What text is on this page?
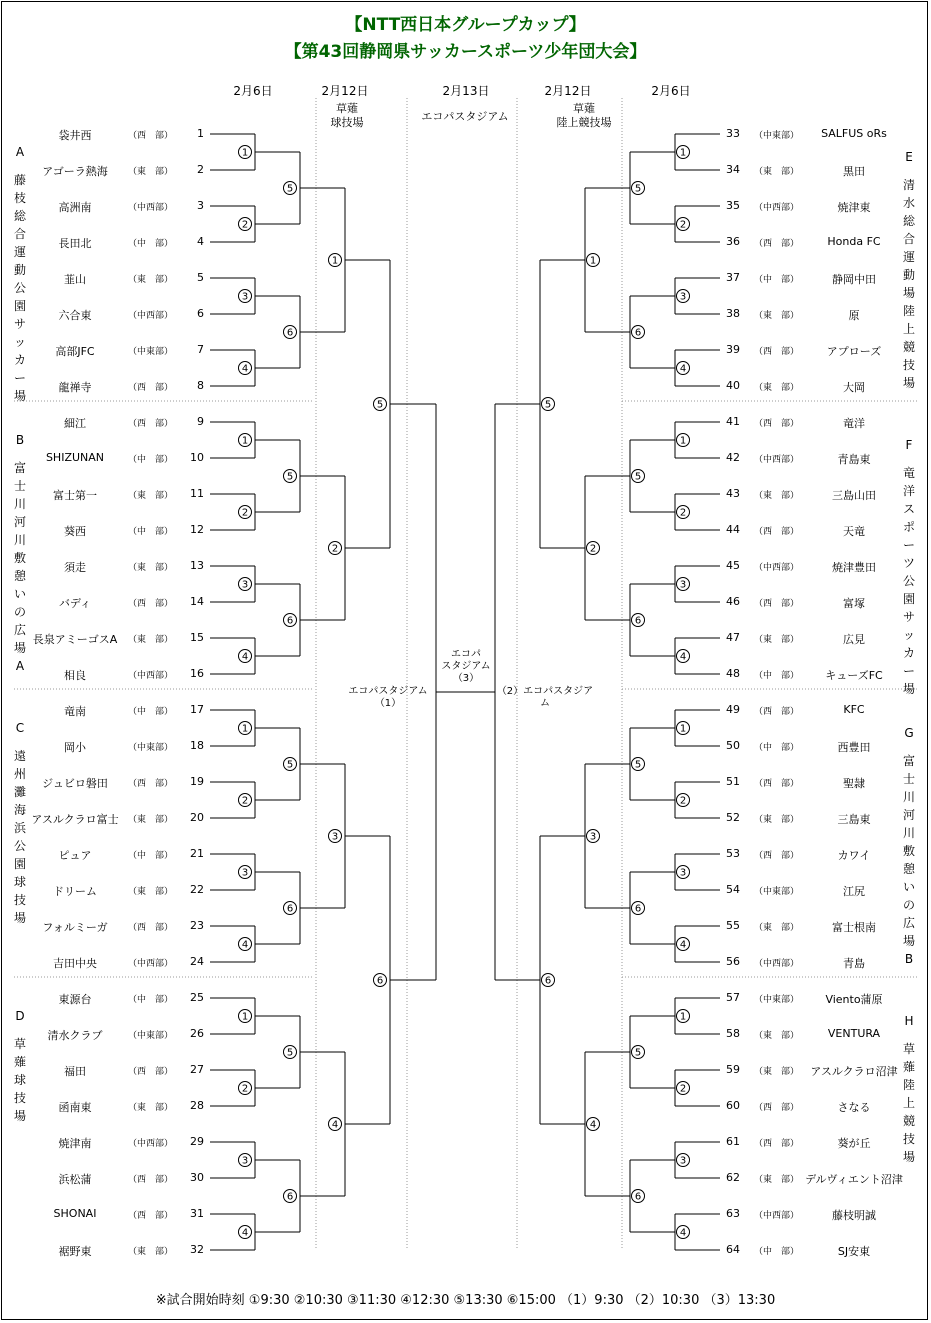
【NTT西日本グループカップ】
【第43回静岡県サッカースポーツ少年団大会】
2月6日	2月12日	2月13日	2月12日	2月6日
草薙
球技場	エコパスタジアム
草薙
陸上競技場
袋井西	（西　部）	1
アゴーラ熱海	（東　部）	2
高洲南	（中西部）	3
長田北	（中　部）	4
韮山	（東　部）	5
六合東	（中西部）	6
高部JFC	（中東部）	7
龍禅寺	（西　部）	8
細江	（西　部）	9
SHIZUNAN	（中　部） 10
富士第一	（東　部） 11
葵西	（中　部） 12
須走	（東　部） 13
バディ	（西　部） 14
長泉アミーゴスA	（東　部） 15
相良	（中西部） 16
竜南	（中　部） 17
岡小	（中東部） 18
ジュビロ磐田	（西　部） 19
アスルクラロ富士 （東　部） 20
ピュア	（中　部） 21
ドリーム	（東　部） 22
フォルミーガ	（西　部） 23
吉田中央	（中西部） 24
東源台	（中　部） 25
清水クラブ	（中東部） 26
福田	（西　部） 27
函南東	（東　部） 28
焼津南	（中西部） 29
浜松蒲	（西　部） 30
SHONAI	（西　部） 31
裾野東	（東　部） 32
33 （中東部）	SALFUS oRs
34 （東　部）	黒田
35 （中西部）	焼津東
36 （西　部）	Honda FC
37 （中　部）	静岡中田
38 （東　部）	原
39 （西　部）	アプローズ
40 （東　部）	大岡
41 （西　部）	竜洋
42 （中西部）	青島東
43 （東　部）	三島山田
44 （西　部）	天竜
45 （中西部）	焼津豊田
46 （西　部）	富塚
47 （東　部）	広見
48 （中　部）	キューズFC
49 （西　部）	KFC
50 （中　部）	西豊田
51 （西　部）	聖隷
52 （東　部）	三島東
53 （西　部）	カワイ
54 （中東部）	江尻
55 （東　部）	富士根南
56 （中西部）	青島
57 （中東部）	Viento蒲原
58 （東　部）	VENTURA
59 （東　部）	アスルクラロ沼津
60 （西　部）	さなる
61 （西　部）	葵が丘
62 （東　部） デルヴィエント沼津
63 （中西部）	藤枝明誠
64 （中　部）	SJ安東
A
藤枝総合運動公園サッカー場
B
富士川河川敷憩いの広場A
C
遠州灘海浜公園球技場
D
草薙球技場
E
清水総合運動場陸上競技場
F
竜洋スポーツ公園サッカー場
G
富士川河川敷憩いの広場B
H
草薙陸上競技場
1
2
3
4
1
2
3
4
1
2
3
4
1
2
3
4
5
6
5
6
5
6
5
6
1
2
3
4
5
6
1
2
3
4
1
2
3
4
1
2
3
4
1
2
3
4
5
6
5
6
5
6
5
6
1
2
3
4
5
6
エコパスタジアム（1）
（2）エコパスタジアム
エコパ
スタジアム
（3）
※試合開始時刻 ①9:30 ②10:30 ③11:30 ④12:30 ⑤13:30 ⑥15:00 （1）9:30 （2）10:30 （3）13:30
